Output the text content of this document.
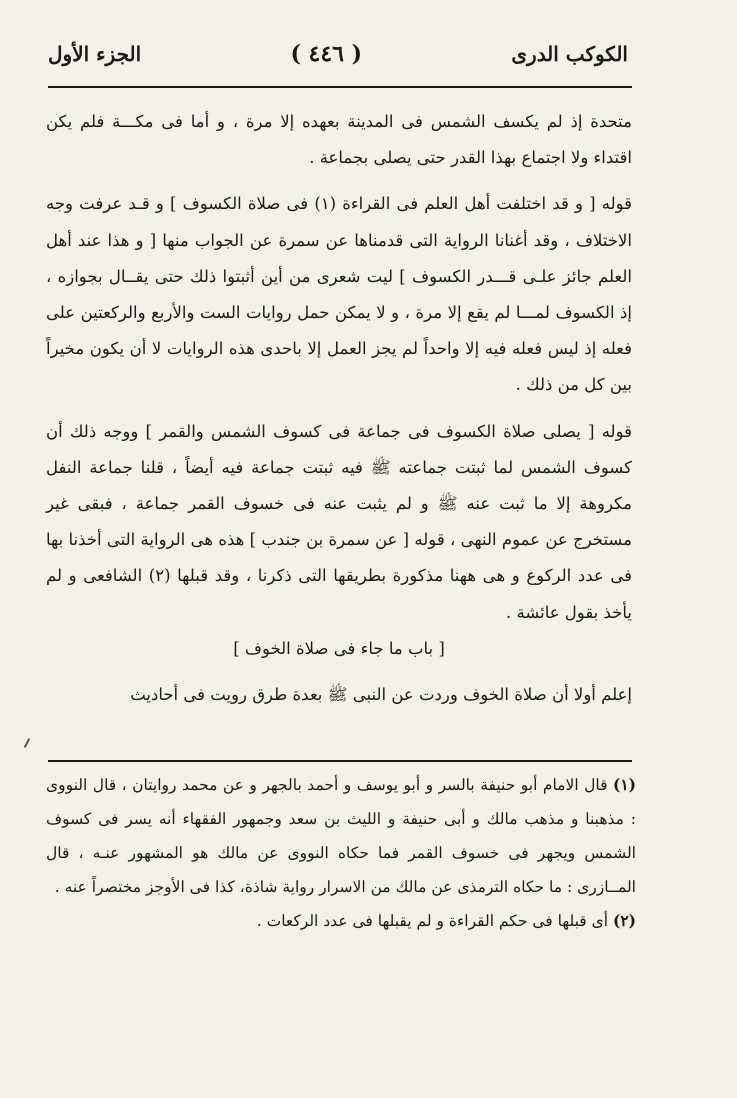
الكوكب الدرى
( ٤٤٦ )
الجزء الأول

متحدة إذ لم يكسف الشمس فى المدينة بعهده إلا مرة ، و أما فى مكـــة فلم يكن اقتداء ولا اجتماع بهذا القدر حتى يصلى بجماعة .

قوله [ و قد اختلفت أهل العلم فى القراءة (١) فى صلاة الكسوف ] و قـد عرفت وجه الاختلاف ، وقد أغنانا الرواية التى قدمناها عن سمرة عن الجواب منها [ و هذا عند أهل العلم جائز علـى قـــدر الكسوف ] ليت شعرى من أين أثبتوا ذلك حتى يقــال بجوازه ، إذ الكسوف لمـــا لم يقع إلا مرة ، و لا يمكن حمل روايات الست والأربع والركعتين على فعله إذ ليس فعله فيه إلا واحداً لم يجز العمل إلا باحدى هذه الروايات لا أن يكون مخيراً بين كل من ذلك .

قوله [ يصلى صلاة الكسوف فى جماعة فى كسوف الشمس والقمر ] ووجه ذلك أن كسوف الشمس لما ثبتت جماعته ﷺ فيه ثبتت جماعة فيه أيضاً ، قلنا جماعة النفل مكروهة إلا ما ثبت عنه ﷺ و لم يثبت عنه فى خسوف القمر جماعة ، فبقى غير مستخرج عن عموم النهى ، قوله [ عن سمرة بن جندب ] هذه هى الرواية التى أخذنا بها فى عدد الركوع و هى ههنا مذكورة بطريقها التى ذكرنا ، وقد قبلها (٢) الشافعى و لم يأخذ بقول عائشة .

[ باب ما جاء فى صلاة الخوف ]

إعلم أولا أن صلاة الخوف وردت عن النبى ﷺ بعدة طرق رويت فى أحاديث

(١) قال الامام أبو حنيفة بالسر و أبو يوسف و أحمد بالجهر و عن محمد روايتان ، قال النووى : مذهبنا و مذهب مالك و أبى حنيفة و الليث بن سعد وجمهور الفقهاء أنه يسر فى كسوف الشمس ويجهر فى خسوف القمر فما حكاه النووى عن مالك هو المشهور عنـه ، قال المــازرى : ما حكاه الترمذى عن مالك من الاسرار رواية شاذة، كذا فى الأوجز مختصراً عنه .

(٢) أى قبلها فى حكم القراءة و لم يقبلها فى عدد الركعات .
